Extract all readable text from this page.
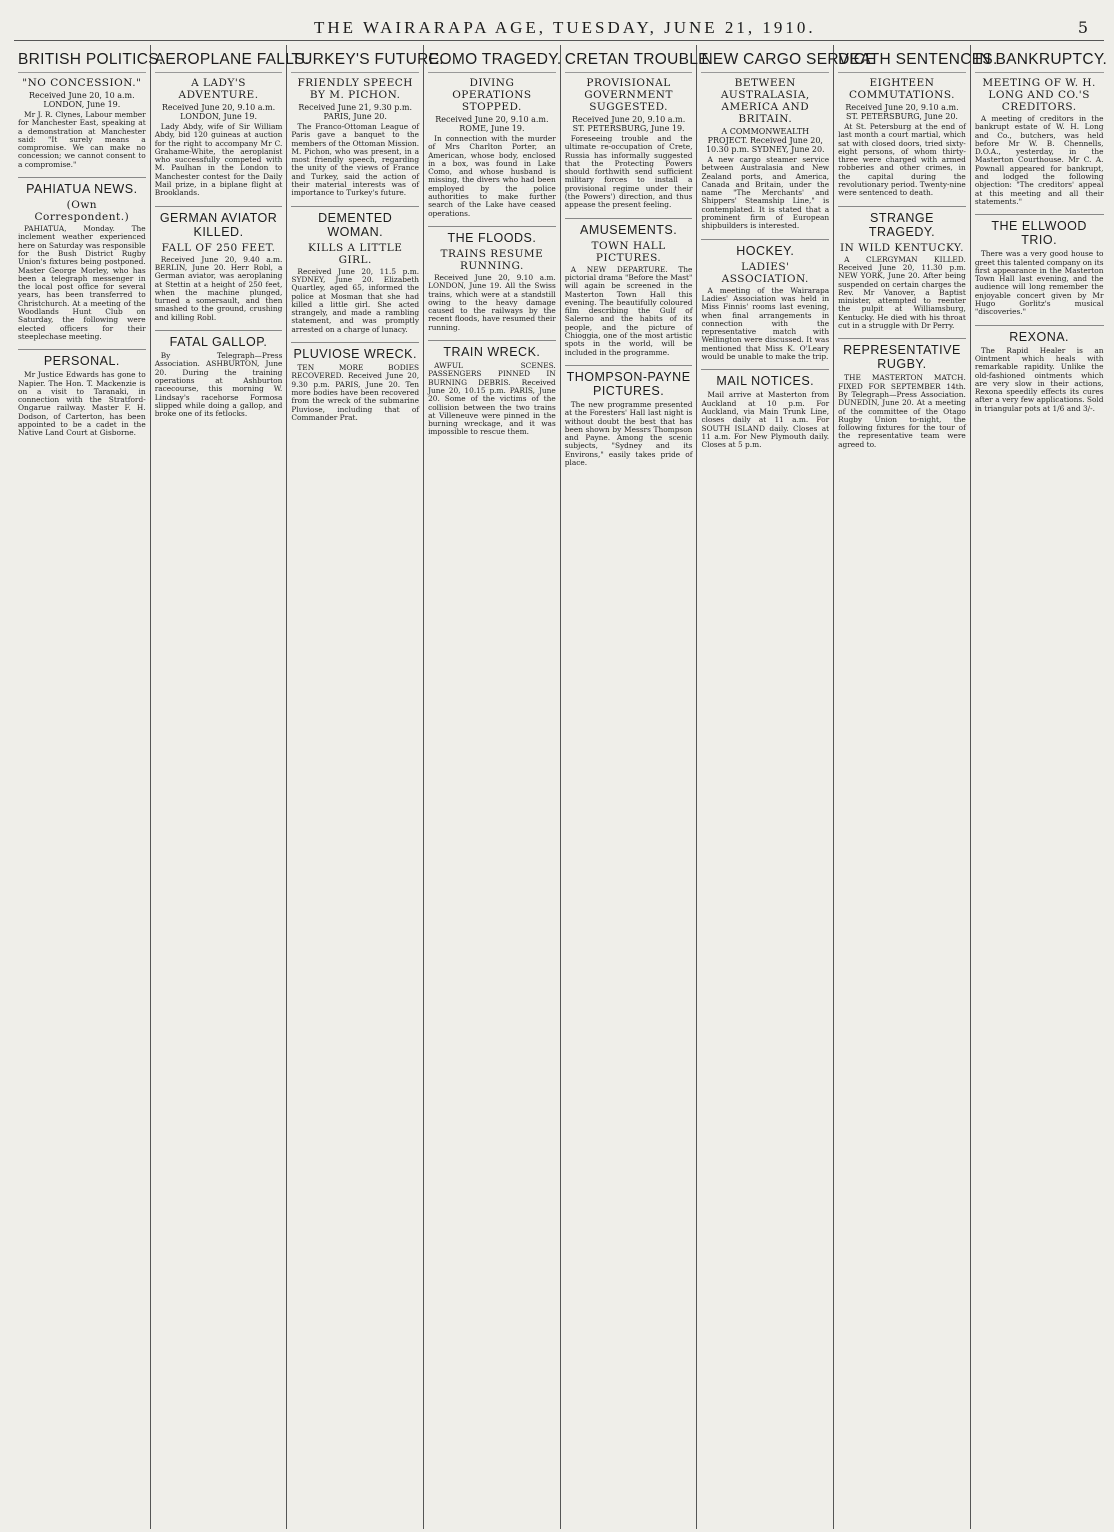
THE WAIRARAPA AGE, TUESDAY, JUNE 21, 1910.	5
BRITISH POLITICS.
"NO CONCESSION."
Received June 20, 10 a.m. LONDON, June 19.

Mr J. R. Clynes, Labour member for Manchester East, speaking at a demonstration at Manchester said: "It surely means a compromise. We can make no concession; we cannot consent to a compromise."

PAHIATUA NEWS.
(Own Correspondent.)

PAHIATUA, Monday. The inclement weather experienced here on Saturday was responsible for the Bush District Rugby Union's fixtures being postponed. Master George Morley, who has been a telegraph messenger in the local post office for several years, has been transferred to Christchurch. At a meeting of the Woodlands Hunt Club on Saturday, the following were elected officers for their steeplechase meeting.

PERSONAL.

Mr Justice Edwards has gone to Napier. The Hon. T. Mackenzie is on a visit to Taranaki, in connection with the Stratford-Ongarue railway. Master F. H. Dodson, of Carterton, has been appointed to be a cadet in the Native Land Court at Gisborne.

AEROPLANE FALLS.
A LADY'S ADVENTURE.
Received June 20, 9.10 a.m. LONDON, June 19.

Lady Abdy, wife of Sir William Abdy, bid 120 guineas at auction for the right to accompany Mr C. Grahame-White, the aeroplanist who successfully competed with M. Paulhan in the London to Manchester contest for the Daily Mail prize, in a biplane flight at Brooklands.

GERMAN AVIATOR KILLED.
FALL OF 250 FEET.

Received June 20, 9.40 a.m. BERLIN, June 20. Herr Robl, a German aviator, was aeroplaning at Stettin at a height of 250 feet, when the machine plunged, turned a somersault, and then smashed to the ground, crushing and killing Robl.

FATAL GALLOP.

By Telegraph—Press Association. ASHBURTON, June 20. During the training operations at Ashburton racecourse, this morning W. Lindsay's racehorse Formosa slipped while doing a gallop, and broke one of its fetlocks.

TURKEY'S FUTURE.
FRIENDLY SPEECH BY M. PICHON.
Received June 21, 9.30 p.m. PARIS, June 20.

The Franco-Ottoman League of Paris gave a banquet to the members of the Ottoman Mission. M. Pichon, who was present, in a most friendly speech, regarding the unity of the views of France and Turkey, said the action of their material interests was of importance to Turkey's future.

DEMENTED WOMAN.
KILLS A LITTLE GIRL.

Received June 20, 11.5 p.m. SYDNEY, June 20. Elizabeth Quartley, aged 65, informed the police at Mosman that she had killed a little girl. She acted strangely, and made a rambling statement, and was promptly arrested on a charge of lunacy.

PLUVIOSE WRECK.

TEN MORE BODIES RECOVERED. Received June 20, 9.30 p.m. PARIS, June 20. Ten more bodies have been recovered from the wreck of the submarine Pluviose, including that of Commander Prat.

COMO TRAGEDY.
DIVING OPERATIONS STOPPED.
Received June 20, 9.10 a.m. ROME, June 19.

In connection with the murder of Mrs Charlton Porter, an American, whose body, enclosed in a box, was found in Lake Como, and whose husband is missing, the divers who had been employed by the police authorities to make further search of the Lake have ceased operations.

THE FLOODS.
TRAINS RESUME RUNNING.

Received June 20, 9.10 a.m. LONDON, June 19. All the Swiss trains, which were at a standstill owing to the heavy damage caused to the railways by the recent floods, have resumed their running.

TRAIN WRECK.

AWFUL SCENES. PASSENGERS PINNED IN BURNING DEBRIS. Received June 20, 10.15 p.m. PARIS, June 20. Some of the victims of the collision between the two trains at Villeneuve were pinned in the burning wreckage, and it was impossible to rescue them.

CRETAN TROUBLE.
PROVISIONAL GOVERNMENT SUGGESTED.
Received June 20, 9.10 a.m. ST. PETERSBURG, June 19.

Foreseeing trouble and the ultimate re-occupation of Crete, Russia has informally suggested that the Protecting Powers should forthwith send sufficient military forces to install a provisional regime under their (the Powers') direction, and thus appease the present feeling.

AMUSEMENTS.
TOWN HALL PICTURES.

A NEW DEPARTURE. The pictorial drama "Before the Mast" will again be screened in the Masterton Town Hall this evening. The beautifully coloured film describing the Gulf of Salerno and the habits of its people, and the picture of Chioggia, one of the most artistic spots in the world, will be included in the programme.

THOMPSON-PAYNE PICTURES.

The new programme presented at the Foresters' Hall last night is without doubt the best that has been shown by Messrs Thompson and Payne. Among the scenic subjects, "Sydney and its Environs," easily takes pride of place.

NEW CARGO SERVICE
BETWEEN AUSTRALASIA, AMERICA AND BRITAIN.
A COMMONWEALTH PROJECT. Received June 20, 10.30 p.m. SYDNEY, June 20.

A new cargo steamer service between Australasia and New Zealand ports, and America, Canada and Britain, under the name "The Merchants' and Shippers' Steamship Line," is contemplated. It is stated that a prominent firm of European shipbuilders is interested.

HOCKEY.
LADIES' ASSOCIATION.

A meeting of the Wairarapa Ladies' Association was held in Miss Finnis' rooms last evening, when final arrangements in connection with the representative match with Wellington were discussed. It was mentioned that Miss K. O'Leary would be unable to make the trip.

MAIL NOTICES.

Mail arrive at Masterton from Auckland at 10 p.m. For Auckland, via Main Trunk Line, closes daily at 11 a.m. For SOUTH ISLAND daily. Closes at 11 a.m. For New Plymouth daily. Closes at 5 p.m.

DEATH SENTENCES.
EIGHTEEN COMMUTATIONS.
Received June 20, 9.10 a.m. ST. PETERSBURG, June 20.

At St. Petersburg at the end of last month a court martial, which sat with closed doors, tried sixty-eight persons, of whom thirty-three were charged with armed robberies and other crimes, in the capital during the revolutionary period. Twenty-nine were sentenced to death.

STRANGE TRAGEDY.
IN WILD KENTUCKY.

A CLERGYMAN KILLED. Received June 20, 11.30 p.m. NEW YORK, June 20. After being suspended on certain charges the Rev. Mr Vanover, a Baptist minister, attempted to reenter the pulpit at Williamsburg, Kentucky. He died with his throat cut in a struggle with Dr Perry.

REPRESENTATIVE RUGBY.

THE MASTERTON MATCH. FIXED FOR SEPTEMBER 14th. By Telegraph—Press Association. DUNEDIN, June 20. At a meeting of the committee of the Otago Rugby Union to-night, the following fixtures for the tour of the representative team were agreed to.

IN BANKRUPTCY.
MEETING OF W. H. LONG AND CO.'S CREDITORS.

A meeting of creditors in the bankrupt estate of W. H. Long and Co., butchers, was held before Mr W. B. Chennells, D.O.A., yesterday, in the Masterton Courthouse. Mr C. A. Pownall appeared for bankrupt, and lodged the following objection: "The creditors' appeal at this meeting and all their statements."

THE ELLWOOD TRIO.

There was a very good house to greet this talented company on its first appearance in the Masterton Town Hall last evening, and the audience will long remember the enjoyable concert given by Mr Hugo Gorlitz's musical "discoveries."

REXONA.

The Rapid Healer is an Ointment which heals with remarkable rapidity. Unlike the old-fashioned ointments which are very slow in their actions, Rexona speedily effects its cures after a very few applications. Sold in triangular pots at 1/6 and 3/-.
